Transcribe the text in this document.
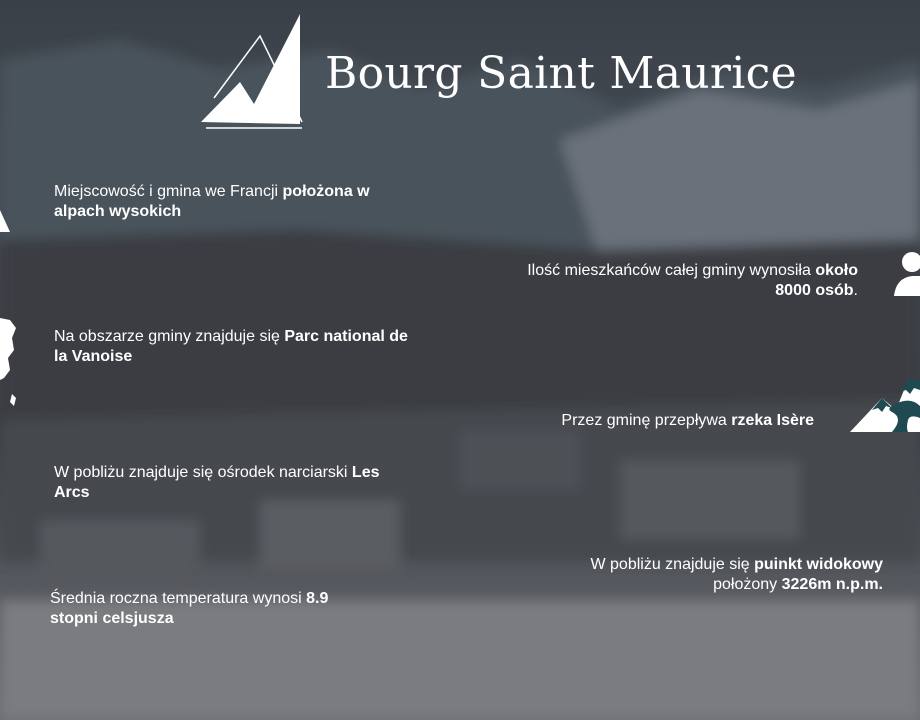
Bourg Saint Maurice
Miejscowość i gmina we Francji położona w alpach wysokich
Na obszarze gminy znajduje się Parc national de la Vanoise
W pobliżu znajduje się ośrodek narciarski Les Arcs
Średnia roczna temperatura wynosi 8.9 stopni celsjusza
Ilość mieszkańców całej gminy wynosiła około 8000 osób.
Przez gminę przepływa rzeka Isère
W pobliżu znajduje się puinkt widokowy położony 3226m n.p.m.
